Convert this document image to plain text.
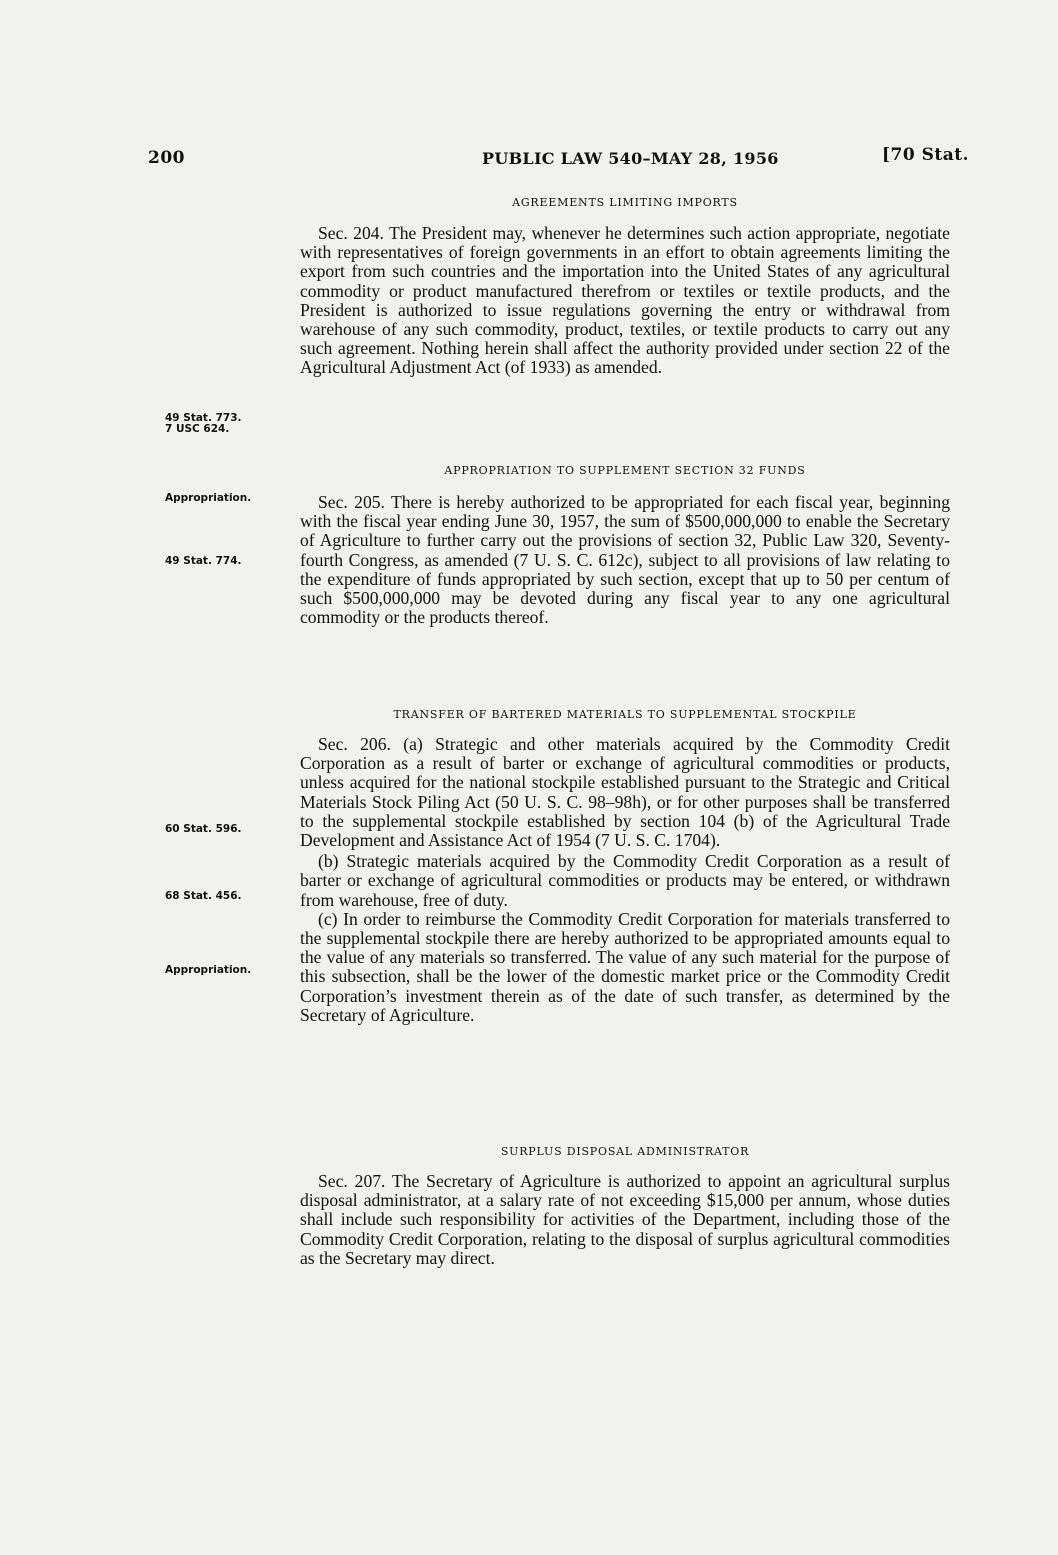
200	PUBLIC LAW 540–MAY 28, 1956	[70 Stat.

AGREEMENTS LIMITING IMPORTS

Sec. 204. The President may, whenever he determines such action appropriate, negotiate with representatives of foreign governments in an effort to obtain agreements limiting the export from such countries and the importation into the United States of any agricultural commodity or product manufactured therefrom or textiles or textile products, and the President is authorized to issue regulations governing the entry or withdrawal from warehouse of any such commodity, product, textiles, or textile products to carry out any such agreement. Nothing herein shall affect the authority provided under section 22 of the Agricultural Adjustment Act (of 1933) as amended.

APPROPRIATION TO SUPPLEMENT SECTION 32 FUNDS

Sec. 205. There is hereby authorized to be appropriated for each fiscal year, beginning with the fiscal year ending June 30, 1957, the sum of $500,000,000 to enable the Secretary of Agriculture to further carry out the provisions of section 32, Public Law 320, Seventy-fourth Congress, as amended (7 U. S. C. 612c), subject to all provisions of law relating to the expenditure of funds appropriated by such section, except that up to 50 per centum of such $500,000,000 may be devoted during any fiscal year to any one agricultural commodity or the products thereof.

TRANSFER OF BARTERED MATERIALS TO SUPPLEMENTAL STOCKPILE

Sec. 206. (a) Strategic and other materials acquired by the Commodity Credit Corporation as a result of barter or exchange of agricultural commodities or products, unless acquired for the national stockpile established pursuant to the Strategic and Critical Materials Stock Piling Act (50 U. S. C. 98–98h), or for other purposes shall be transferred to the supplemental stockpile established by section 104 (b) of the Agricultural Trade Development and Assistance Act of 1954 (7 U. S. C. 1704).

(b) Strategic materials acquired by the Commodity Credit Corporation as a result of barter or exchange of agricultural commodities or products may be entered, or withdrawn from warehouse, free of duty.

(c) In order to reimburse the Commodity Credit Corporation for materials transferred to the supplemental stockpile there are hereby authorized to be appropriated amounts equal to the value of any materials so transferred. The value of any such material for the purpose of this subsection, shall be the lower of the domestic market price or the Commodity Credit Corporation’s investment therein as of the date of such transfer, as determined by the Secretary of Agriculture.

SURPLUS DISPOSAL ADMINISTRATOR

Sec. 207. The Secretary of Agriculture is authorized to appoint an agricultural surplus disposal administrator, at a salary rate of not exceeding $15,000 per annum, whose duties shall include such responsibility for activities of the Department, including those of the Commodity Credit Corporation, relating to the disposal of surplus agricultural commodities as the Secretary may direct.

49 Stat. 773.
7 USC 624.
Appropriation.
49 Stat. 774.
60 Stat. 596.
68 Stat. 456.
Appropriation.
